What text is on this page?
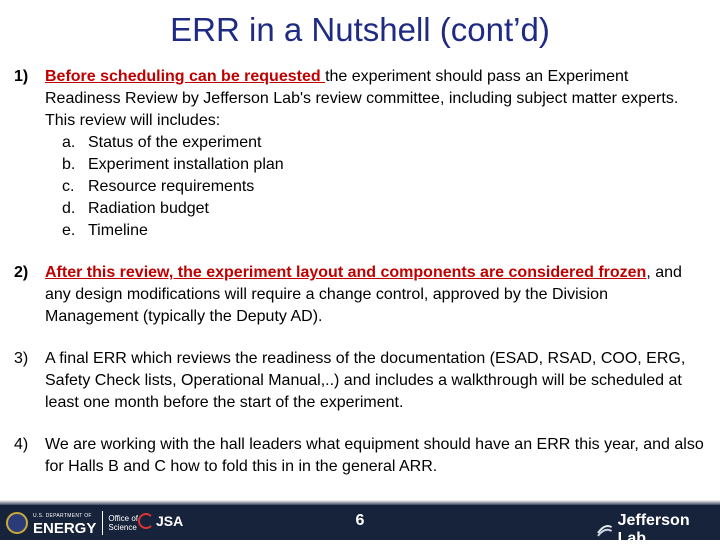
ERR in a Nutshell (cont’d)
1) Before scheduling can be requested the experiment should pass an Experiment Readiness Review by Jefferson Lab's review committee, including subject matter experts. This review will includes:
a. Status of the experiment
b. Experiment installation plan
c. Resource requirements
d. Radiation budget
e. Timeline
2) After this review, the experiment layout and components are considered frozen, and any design modifications will require a change control, approved by the Division Management (typically the Deputy AD).
3) A final ERR which reviews the readiness of the documentation (ESAD, RSAD, COO, ERG, Safety Check lists, Operational Manual,..) and includes a walkthrough will be scheduled at least one month before the start of the experiment.
4) We are working with the hall leaders what equipment should have an ERR this year, and also for Halls B and C how to fold this in in the general ARR.
U.S. DEPARTMENT OF
ENERGY
Office of
Science JSA	6	Jefferson Lab
